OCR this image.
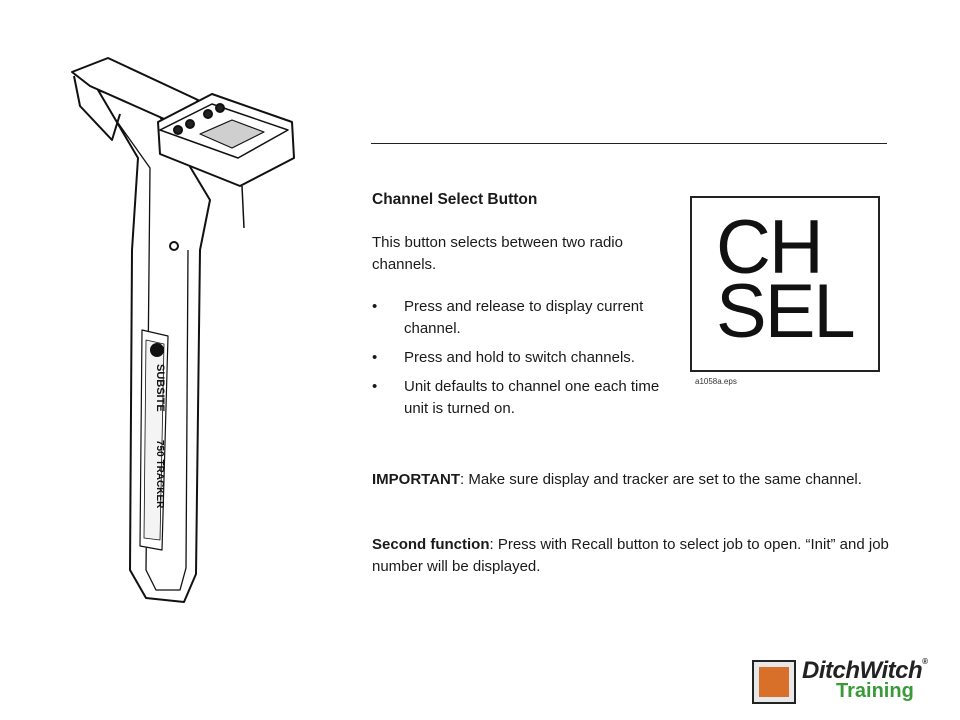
SUBSITE
750 TRACKER
Channel Select Button
This button selects between two radio channels.
• Press and release to display current channel.
• Press and hold to switch channels.
• Unit defaults to channel one each time unit is turned on.
IMPORTANT: Make sure display and tracker are set to the same channel.
Second function: Press with Recall button to select job to open. “Init” and job number will be displayed.
CH
SEL
a1058a.eps
DitchWitch®
Training
